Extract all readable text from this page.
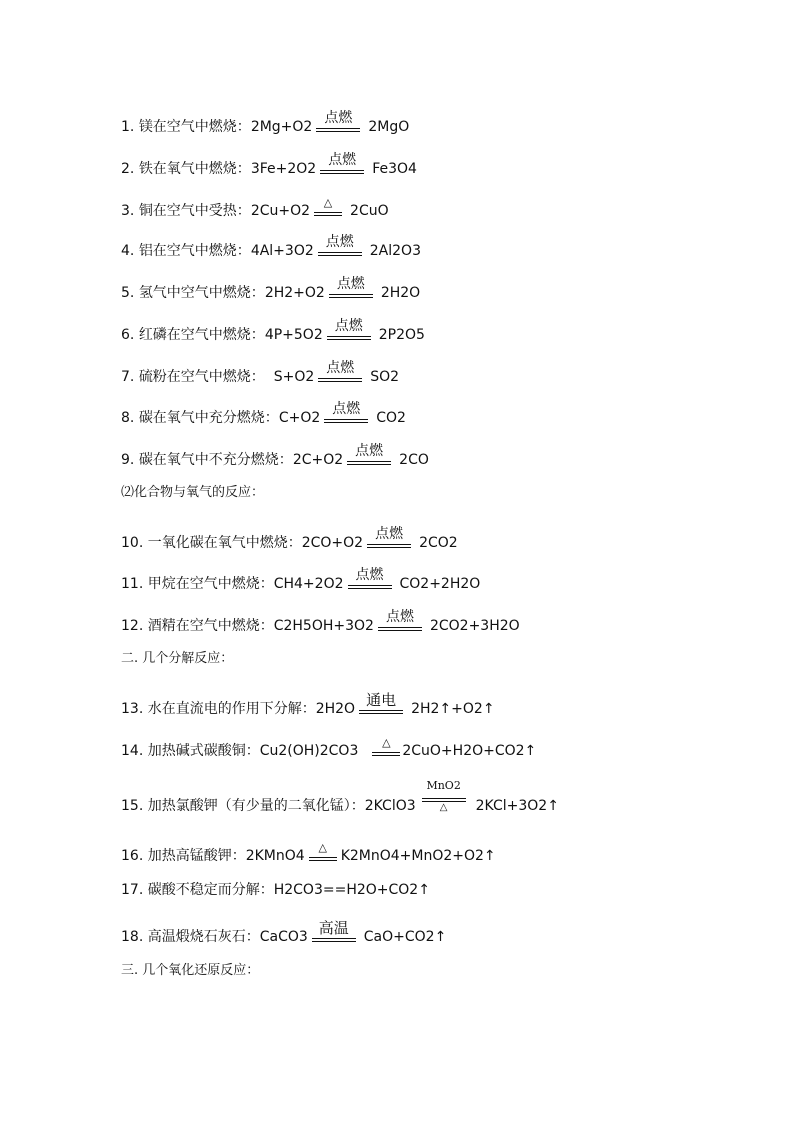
1.
镁在空气中燃烧： 2Mg+O2
点燃
2MgO
2.
铁在氧气中燃烧： 3Fe+2O2
点燃
Fe3O4
3.
铜在空气中受热： 2Cu+O2
△
2CuO
4.
铝在空气中燃烧： 4Al+3O2
点燃
2Al2O3
5.
氢气中空气中燃烧： 2H2+O2
点燃
2H2O
6.
红磷在空气中燃烧： 4P+5O2
点燃
2P2O5
7.
硫粉在空气中燃烧：
S+O2
点燃
SO2
8.
碳在氧气中充分燃烧： C+O2
点燃
CO2
9.
碳在氧气中不充分燃烧： 2C+O2
点燃
2CO
⑵化合物与氧气的反应：
10.
一氧化碳在氧气中燃烧： 2CO+O2
点燃
2CO2
11.
甲烷在空气中燃烧： CH4+2O2
点燃
CO2+2H2O
12.
酒精在空气中燃烧： C2H5OH+3O2
点燃
2CO2+3H2O
二. 几个分解反应：
13.
水在直流电的作用下分解： 2H2O 通电	2H2↑+O2↑
14.
加热碱式碳酸铜： Cu2(OH)2CO3
△
2CuO+H2O+CO2↑
15.
加热氯酸钾（有少量的二氧化锰）： 2KClO3
MnO2
△	2KCl+3O2↑
16.
加热高锰酸钾： 2KMnO4
△
K2MnO4+MnO2+O2↑
17.
碳酸不稳定而分解： H2CO3==H2O+CO2↑
18.
高温煅烧石灰石： CaCO3 高温	CaO+CO2↑
三. 几个氧化还原反应：
